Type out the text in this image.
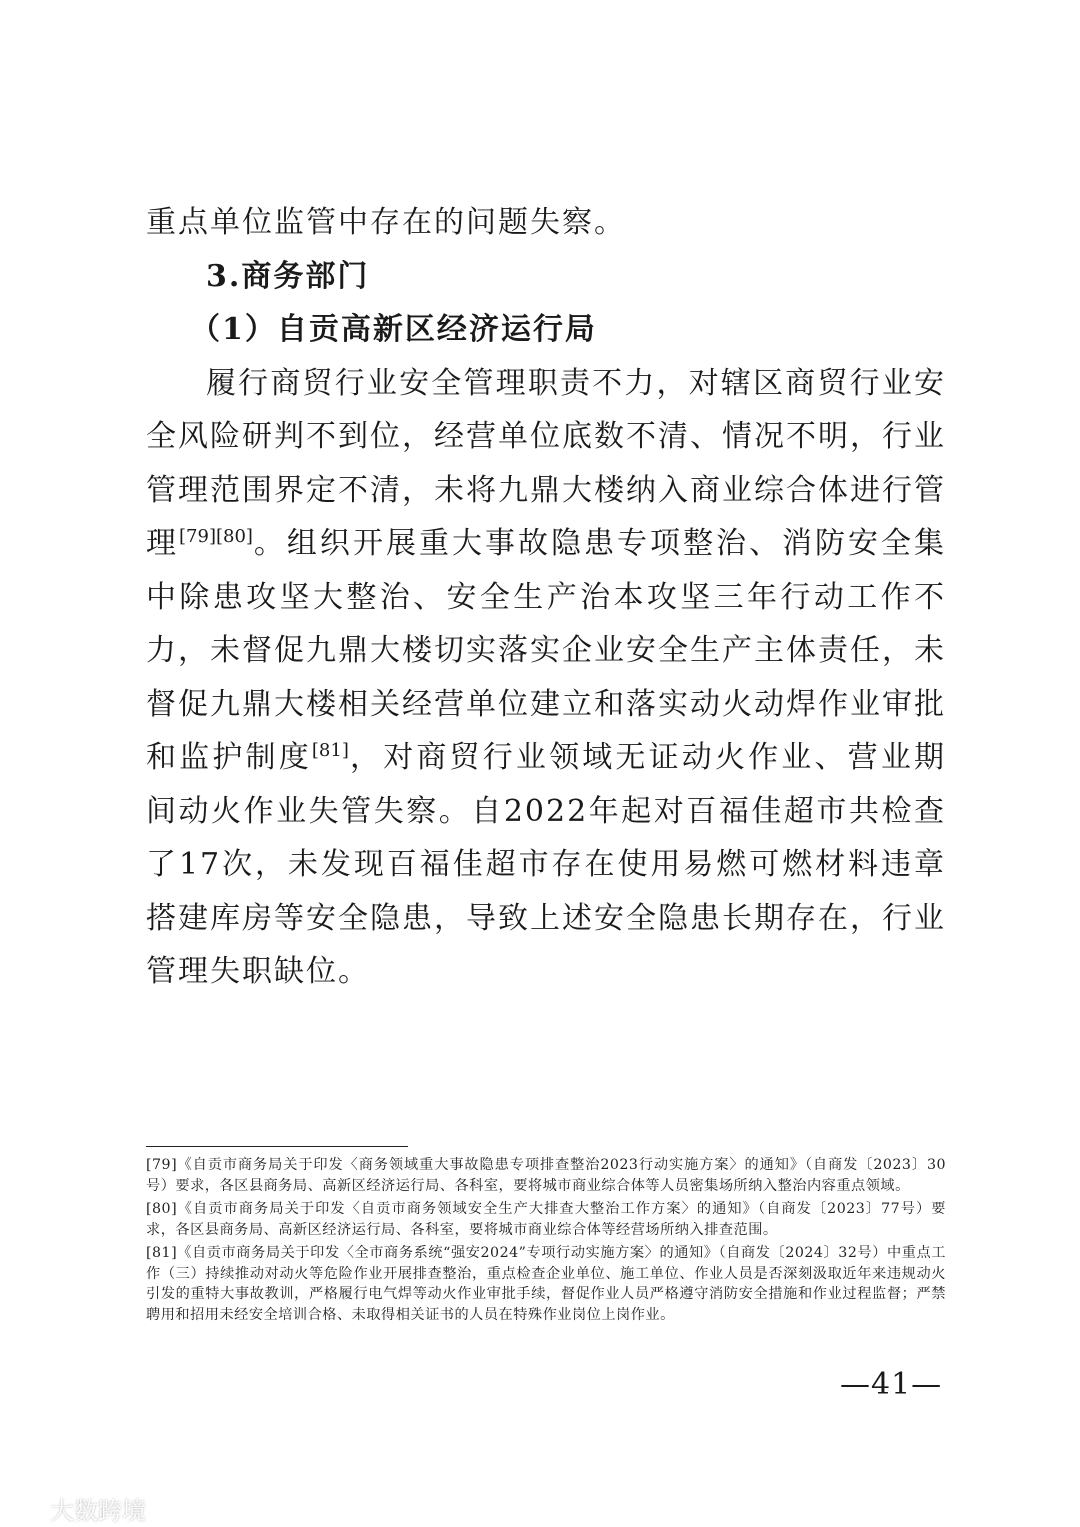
重点单位监管中存在的问题失察。

3.商务部门

（1）自贡高新区经济运行局

履行商贸行业安全管理职责不力，对辖区商贸行业安全风险研判不到位，经营单位底数不清、情况不明，行业管理范围界定不清，未将九鼎大楼纳入商业综合体进行管理[79][80]。组织开展重大事故隐患专项整治、消防安全集中除患攻坚大整治、安全生产治本攻坚三年行动工作不力，未督促九鼎大楼切实落实企业安全生产主体责任，未督促九鼎大楼相关经营单位建立和落实动火动焊作业审批和监护制度[81]，对商贸行业领域无证动火作业、营业期间动火作业失管失察。自2022年起对百福佳超市共检查了17次，未发现百福佳超市存在使用易燃可燃材料违章搭建库房等安全隐患，导致上述安全隐患长期存在，行业管理失职缺位。

[79]《自贡市商务局关于印发〈商务领域重大事故隐患专项排查整治2023行动实施方案〉的通知》（自商发〔2023〕30号）要求，各区县商务局、高新区经济运行局、各科室，要将城市商业综合体等人员密集场所纳入整治内容重点领域。

[80]《自贡市商务局关于印发〈自贡市商务领域安全生产大排查大整治工作方案〉的通知》（自商发〔2023〕77号）要求，各区县商务局、高新区经济运行局、各科室，要将城市商业综合体等经营场所纳入排查范围。

[81]《自贡市商务局关于印发〈全市商务系统“强安2024”专项行动实施方案〉的通知》（自商发〔2024〕32号）中重点工作（三）持续推动对动火等危险作业开展排查整治，重点检查企业单位、施工单位、作业人员是否深刻汲取近年来违规动火引发的重特大事故教训，严格履行电气焊等动火作业审批手续，督促作业人员严格遵守消防安全措施和作业过程监督；严禁聘用和招用未经安全培训合格、未取得相关证书的人员在特殊作业岗位上岗作业。

—41—
大数跨境
